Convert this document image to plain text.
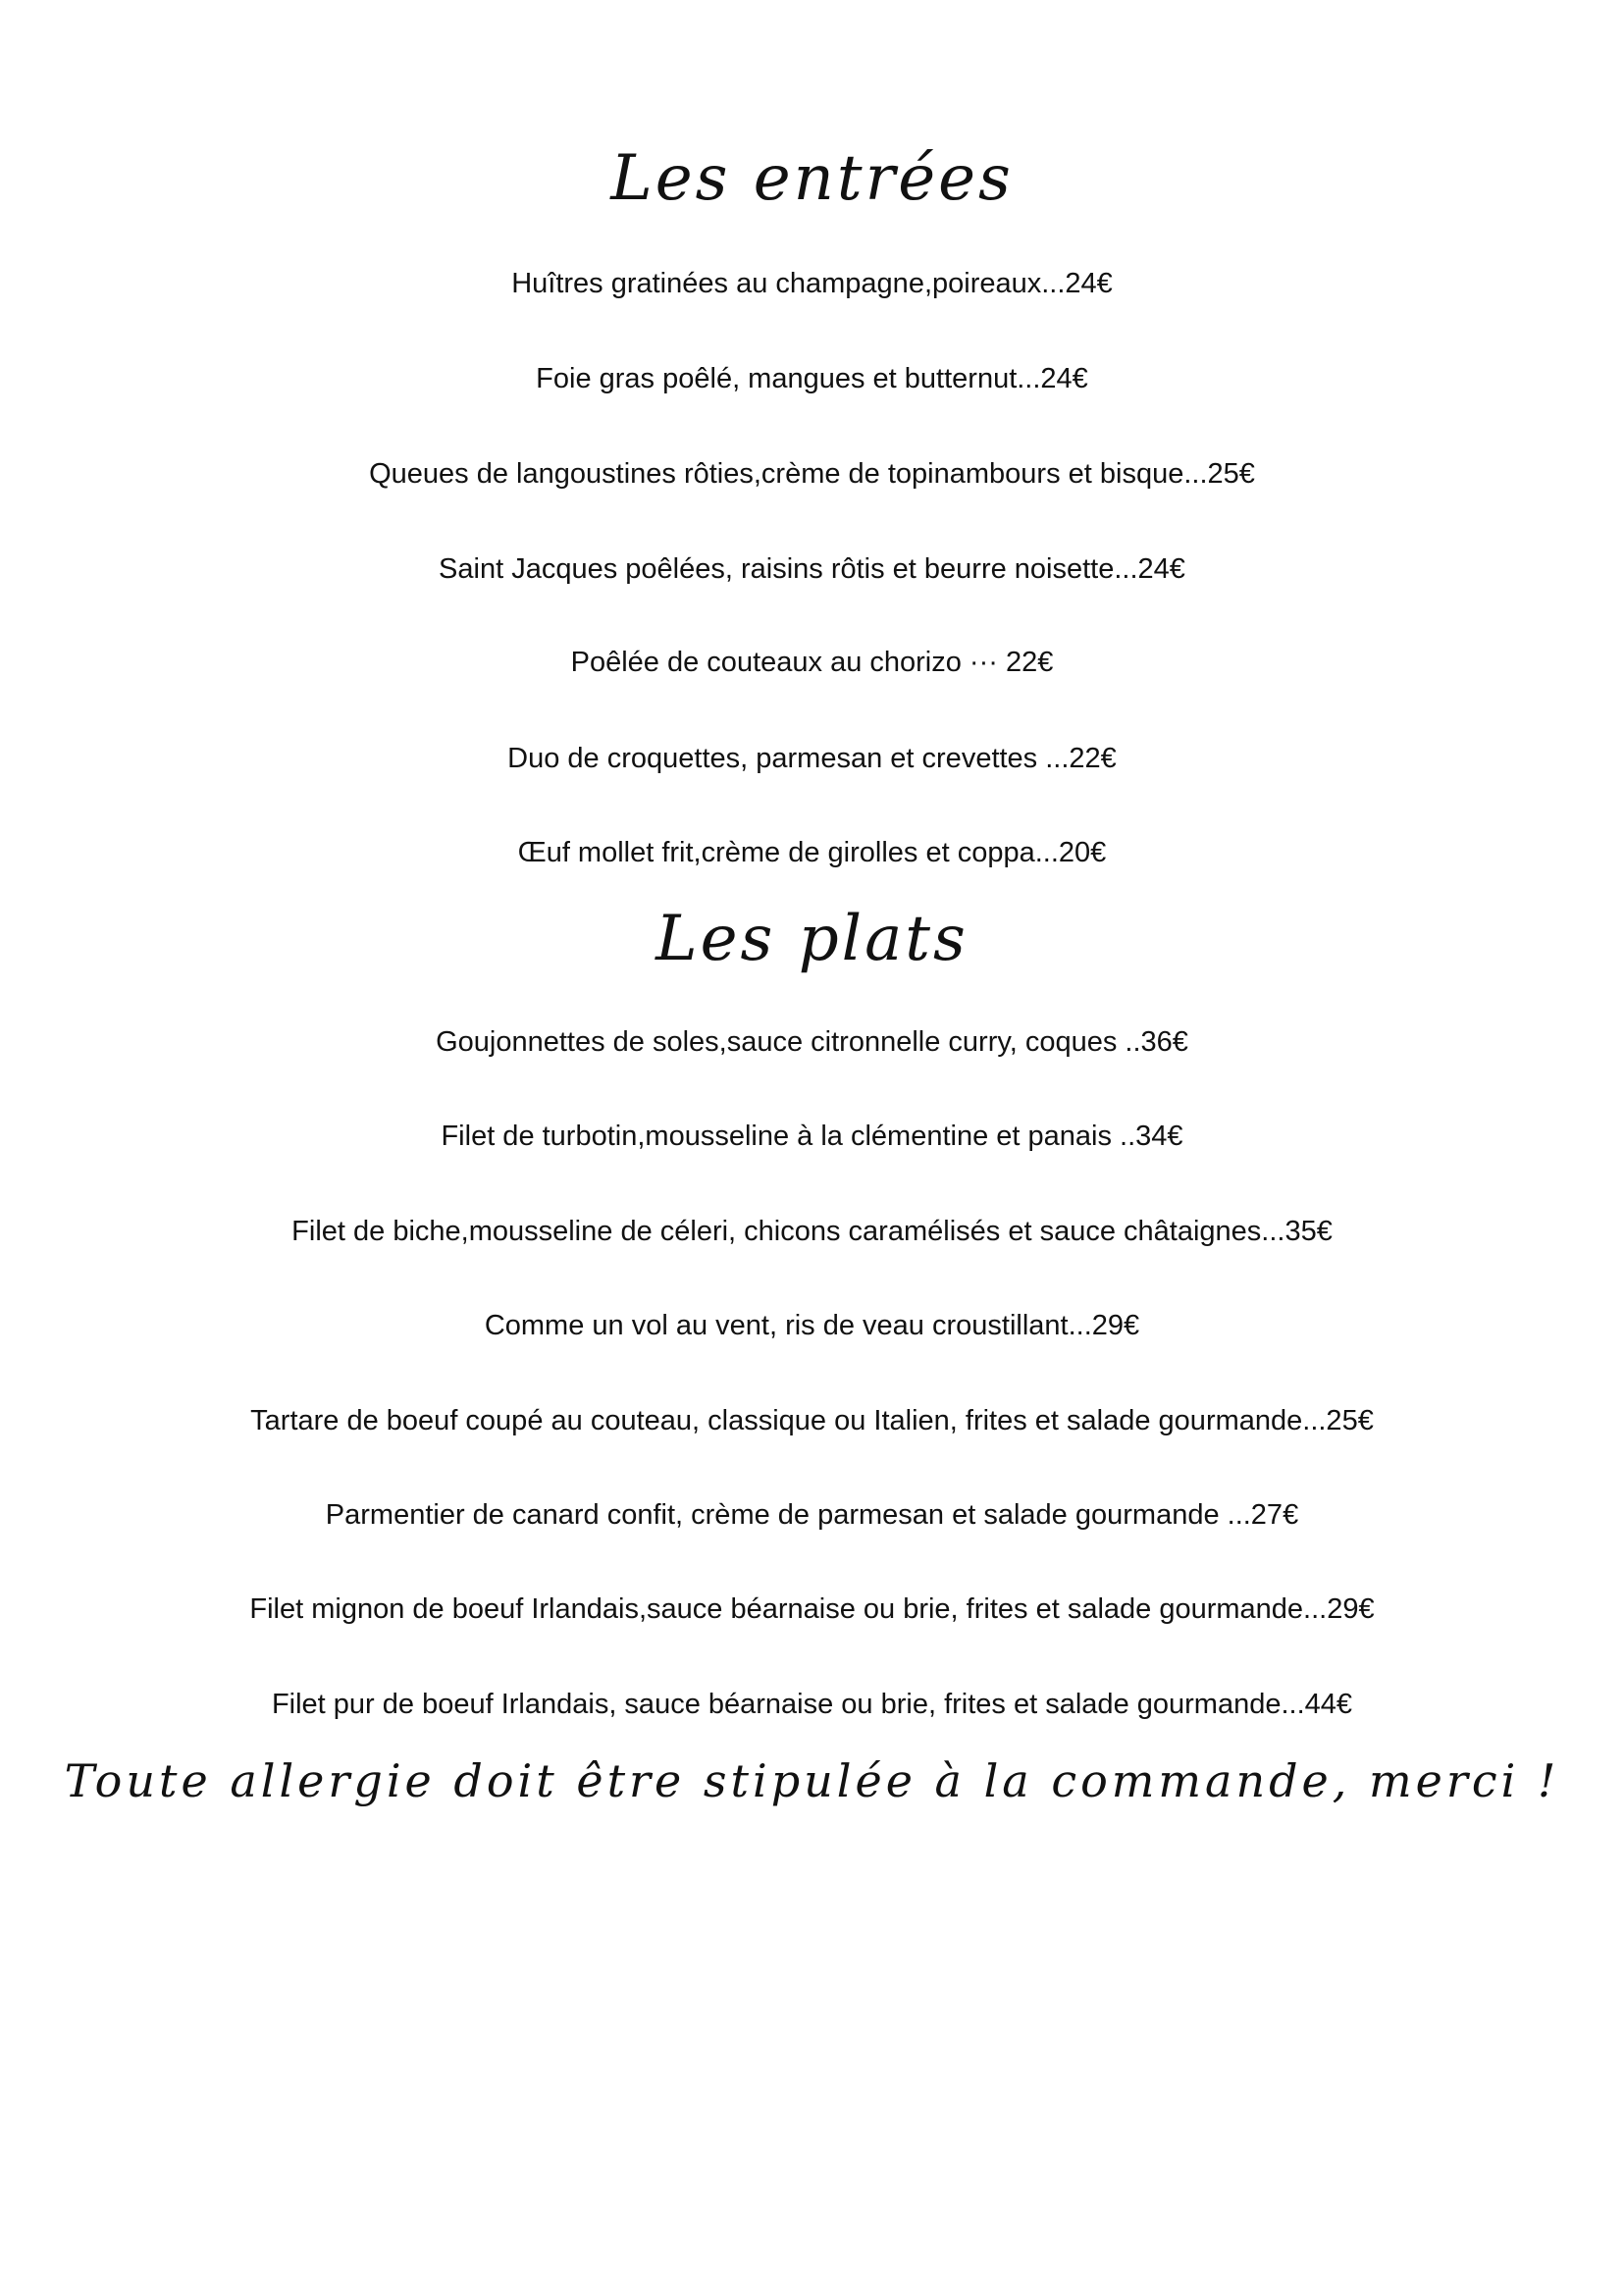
Les entrées
Huîtres gratinées au champagne,poireaux...24€
Foie gras poêlé, mangues et butternut...24€
Queues de langoustines rôties,crème de topinambours et bisque...25€
Saint Jacques poêlées, raisins rôtis et beurre noisette...24€
Poêlée de couteaux au chorizo ··· 22€
Duo de croquettes, parmesan et crevettes ...22€
Œuf mollet frit,crème de girolles et coppa...20€
Les plats
Goujonnettes de soles,sauce citronnelle curry, coques ..36€
Filet de turbotin,mousseline à la clémentine et panais ..34€
Filet de biche,mousseline de céleri, chicons caramélisés et sauce châtaignes...35€
Comme un vol au vent, ris de veau croustillant...29€
Tartare de boeuf coupé au couteau, classique ou Italien, frites et salade gourmande...25€
Parmentier de canard confit, crème de parmesan et salade gourmande ...27€
Filet mignon de boeuf Irlandais,sauce béarnaise ou brie, frites et salade gourmande...29€
Filet pur de boeuf Irlandais, sauce béarnaise ou brie, frites et salade gourmande...44€
Toute allergie doit être stipulée à la commande, merci !
